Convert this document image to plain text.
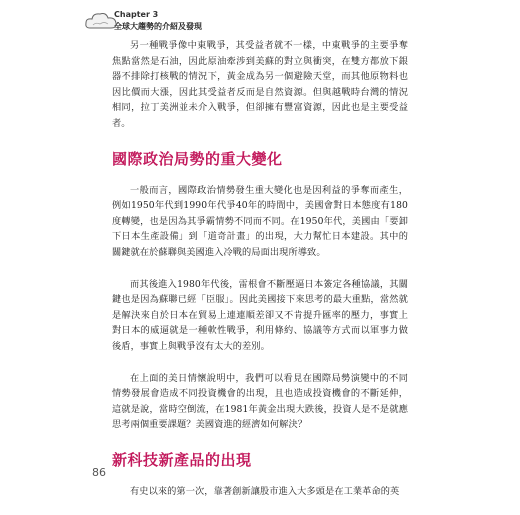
Chapter 3
全球大趨勢的介紹及發現

另一種戰爭像中東戰爭，其受益者就不一樣，中東戰爭的主要爭奪焦點當然是石油，因此原油牽涉到美蘇的對立與衝突，在雙方都放下銀器不排除打核戰的情況下，黃金成為另一個避險天堂，而其他原物料也因比價而大漲，因此其受益者反而是自然資源。但與越戰時台灣的情況相同，拉丁美洲並未介入戰爭，但卻擁有豐富資源，因此也是主要受益者。

國際政治局勢的重大變化

一般而言，國際政治情勢發生重大變化也是因利益的爭奪而產生，例如1950年代到1990年代爭40年的時間中，美國會對日本態度有180度轉變，也是因為其爭霸情勢不同而不同。在1950年代，美國由「要卸下日本生產設備」到「道奇計畫」的出現，大力幫忙日本建設。其中的關鍵就在於蘇聯與美國進入冷戰的局面出現所導致。

而其後進入1980年代後，雷根會不斷壓逼日本簽定各種協議，其關鍵也是因為蘇聯已經「臣服」。因此美國接下來思考的最大重點，當然就是解決來自於日本在貿易上連連順差卻又不肯提升匯率的壓力，事實上對日本的威逼就是一種軟性戰爭，利用條約、協議等方式而以軍事力做後盾，事實上與戰爭沒有太大的差別。

在上面的美日情懷說明中，我們可以看見在國際局勢演變中的不同情勢發展會造成不同投資機會的出現，且也造成投資機會的不斷延伸，這就是說，當時空倒流，在1981年黃金出現大跌後，投資人是不是就應思考兩個重要課題？美國資進的經濟如何解決？

新科技新產品的出現

有史以來的第一次，靠著創新讓股市進入大多頭是在工業革命的英

86
